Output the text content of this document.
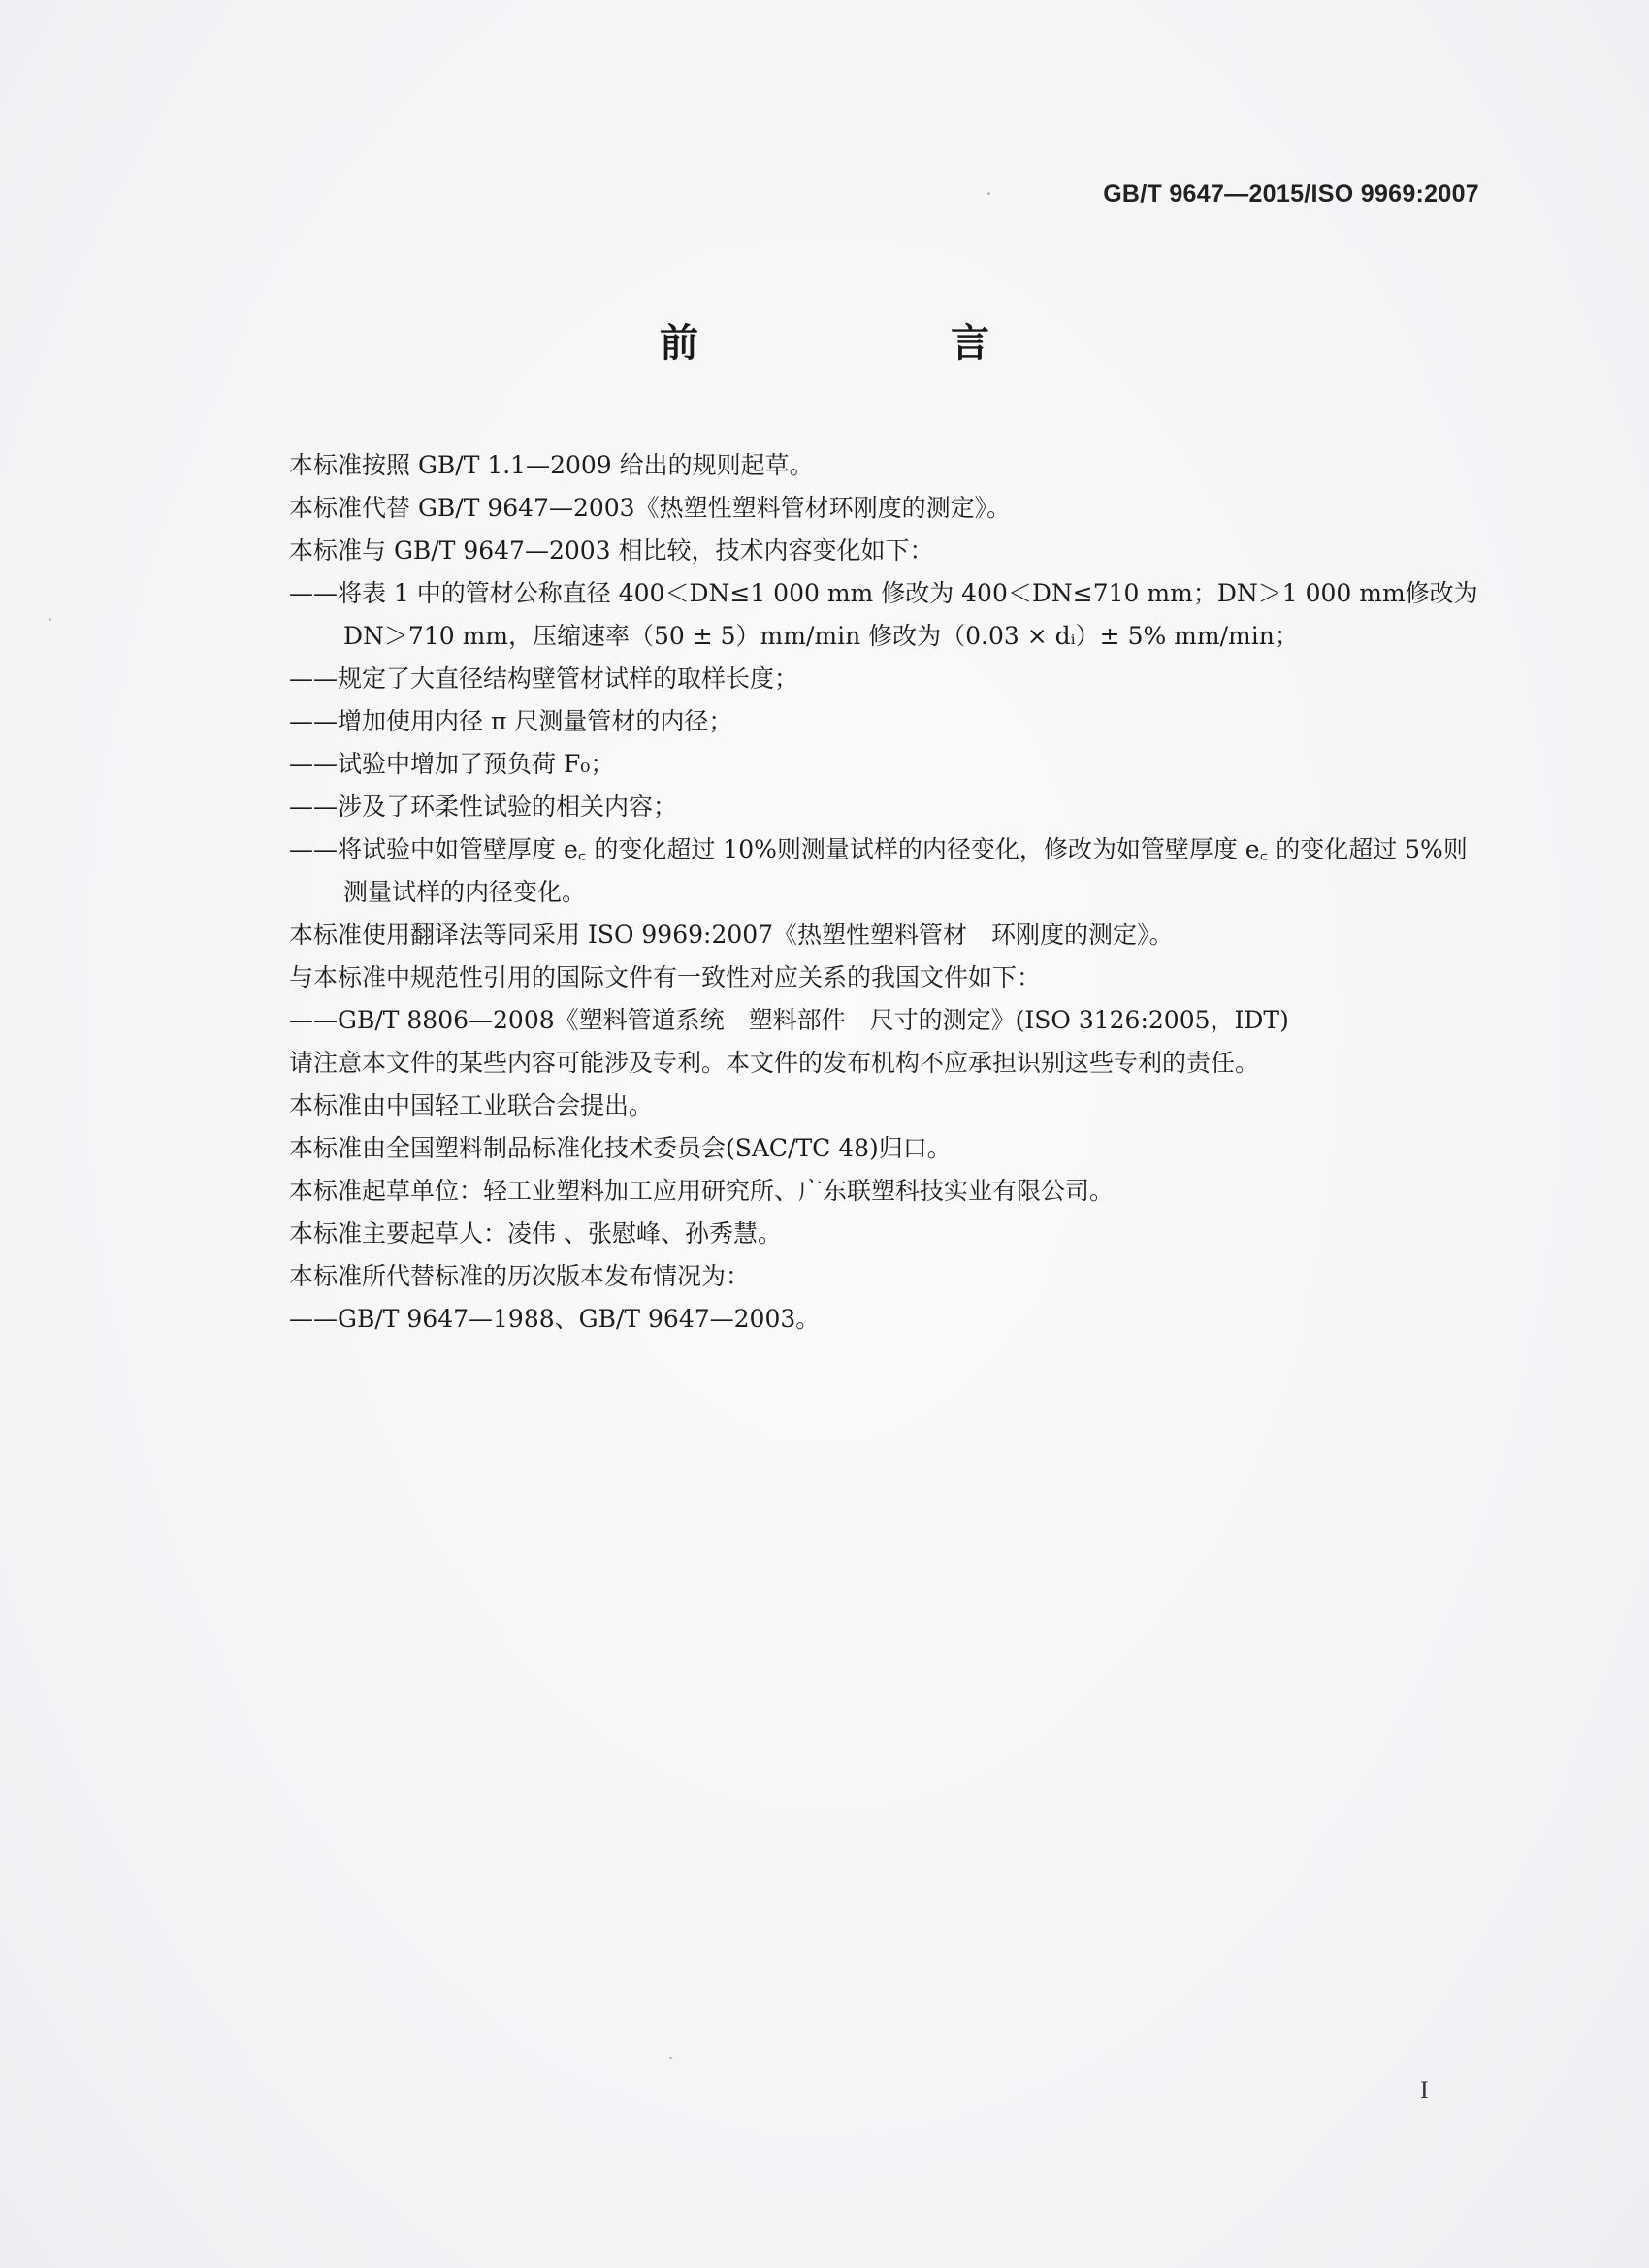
GB/T 9647—2015/ISO 9969:2007
前　　言

本标准按照 GB/T 1.1—2009 给出的规则起草。

本标准代替 GB/T 9647—2003《热塑性塑料管材环刚度的测定》。

本标准与 GB/T 9647—2003 相比较，技术内容变化如下：

——将表 1 中的管材公称直径 400＜DN≤1 000 mm 修改为 400＜DN≤710 mm；DN＞1 000 mm修改为 DN＞710 mm，压缩速率（50 ± 5）mm/min 修改为（0.03 × dᵢ）± 5% mm/min；

——规定了大直径结构壁管材试样的取样长度；

——增加使用内径 π 尺测量管材的内径；

——试验中增加了预负荷 F₀；

——涉及了环柔性试验的相关内容；

——将试验中如管壁厚度 e꜀ 的变化超过 10%则测量试样的内径变化，修改为如管壁厚度 e꜀ 的变化超过 5%则测量试样的内径变化。

本标准使用翻译法等同采用 ISO 9969:2007《热塑性塑料管材　环刚度的测定》。

与本标准中规范性引用的国际文件有一致性对应关系的我国文件如下：

——GB/T 8806—2008《塑料管道系统　塑料部件　尺寸的测定》(ISO 3126:2005，IDT)

请注意本文件的某些内容可能涉及专利。本文件的发布机构不应承担识别这些专利的责任。

本标准由中国轻工业联合会提出。

本标准由全国塑料制品标准化技术委员会(SAC/TC 48)归口。

本标准起草单位：轻工业塑料加工应用研究所、广东联塑科技实业有限公司。

本标准主要起草人：凌伟 、张慰峰、孙秀慧。

本标准所代替标准的历次版本发布情况为：

——GB/T 9647—1988、GB/T 9647—2003。

I
